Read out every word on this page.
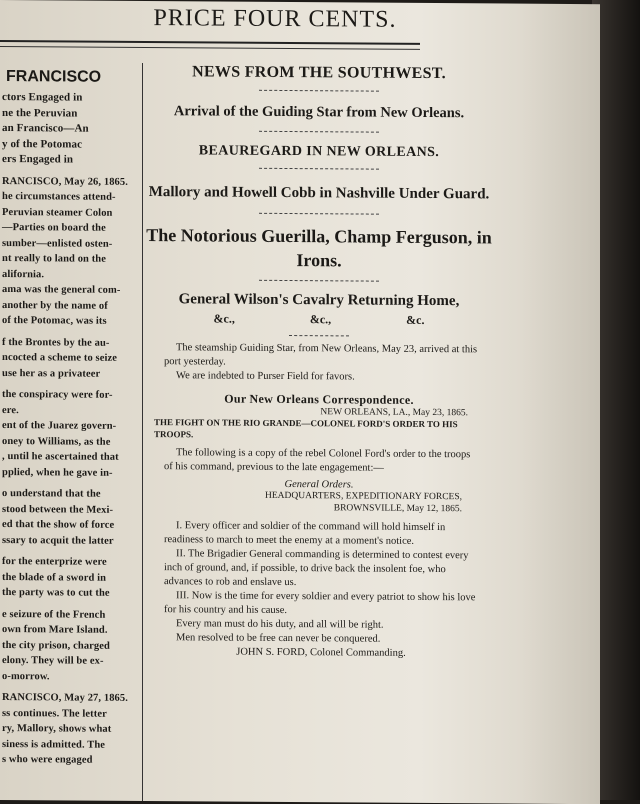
PRICE FOUR CENTS.
FRANCISCO
ctors Engaged in
ne the Peruvian
an Francisco—An
y of the Potomac
ers Engaged in
RANCISCO, May 26, 1865.
he circumstances attend-
Peruvian steamer Colon
—Parties on board the
sumber—enlisted osten-
nt really to land on the
alifornia.
ama was the general com-
another by the name of
of the Potomac, was its
f the Brontes by the au-
ncocted a scheme to seize
use her as a privateer
the conspiracy were for-
ere.
ent of the Juarez govern-
oney to Williams, as the
, until he ascertained that
pplied, when he gave in-
o understand that the
stood between the Mexi-
ed that the show of force
ssary to acquit the latter
for the enterprize were
the blade of a sword in
the party was to cut the
e seizure of the French
own from Mare Island.
the city prison, charged
elony. They will be ex-
o-morrow.
RANCISCO, May 27, 1865.
ss continues. The letter
ry, Mallory, shows what
siness is admitted. The
s who were engaged
NEWS FROM THE SOUTHWEST.
Arrival of the Guiding Star from New Orleans.
BEAUREGARD IN NEW ORLEANS.
Mallory and Howell Cobb in Nashville Under Guard.
The Notorious Guerilla, Champ Ferguson, in Irons.
General Wilson's Cavalry Returning Home,
&c.,	&c.,	&c.

The steamship Guiding Star, from New Orleans, May 23, arrived at this port yesterday.

We are indebted to Purser Field for favors.

Our New Orleans Correspondence.
NEW ORLEANS, LA., May 23, 1865.
THE FIGHT ON THE RIO GRANDE—COLONEL FORD'S ORDER TO HIS TROOPS.

The following is a copy of the rebel Colonel Ford's order to the troops of his command, previous to the late engagement:—

General Orders.
HEADQUARTERS, EXPEDITIONARY FORCES,
BROWNSVILLE, May 12, 1865.

I. Every officer and soldier of the command will hold himself in readiness to march to meet the enemy at a moment's notice.

II. The Brigadier General commanding is determined to contest every inch of ground, and, if possible, to drive back the insolent foe, who advances to rob and enslave us.

III. Now is the time for every soldier and every patriot to show his love for his country and his cause.

Every man must do his duty, and all will be right.

Men resolved to be free can never be conquered.

JOHN S. FORD, Colonel Commanding.
